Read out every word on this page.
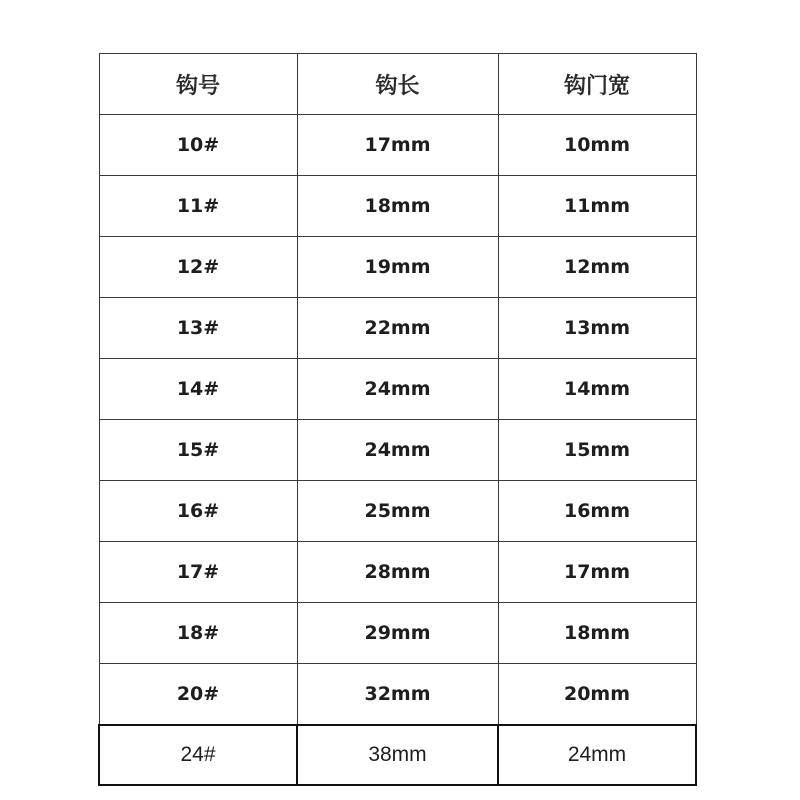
钩号	钩长	钩门宽
10#	17mm	10mm
11#	18mm	11mm
12#	19mm	12mm
13#	22mm	13mm
14#	24mm	14mm
15#	24mm	15mm
16#	25mm	16mm
17#	28mm	17mm
18#	29mm	18mm
20#	32mm	20mm
24#	38mm	24mm
